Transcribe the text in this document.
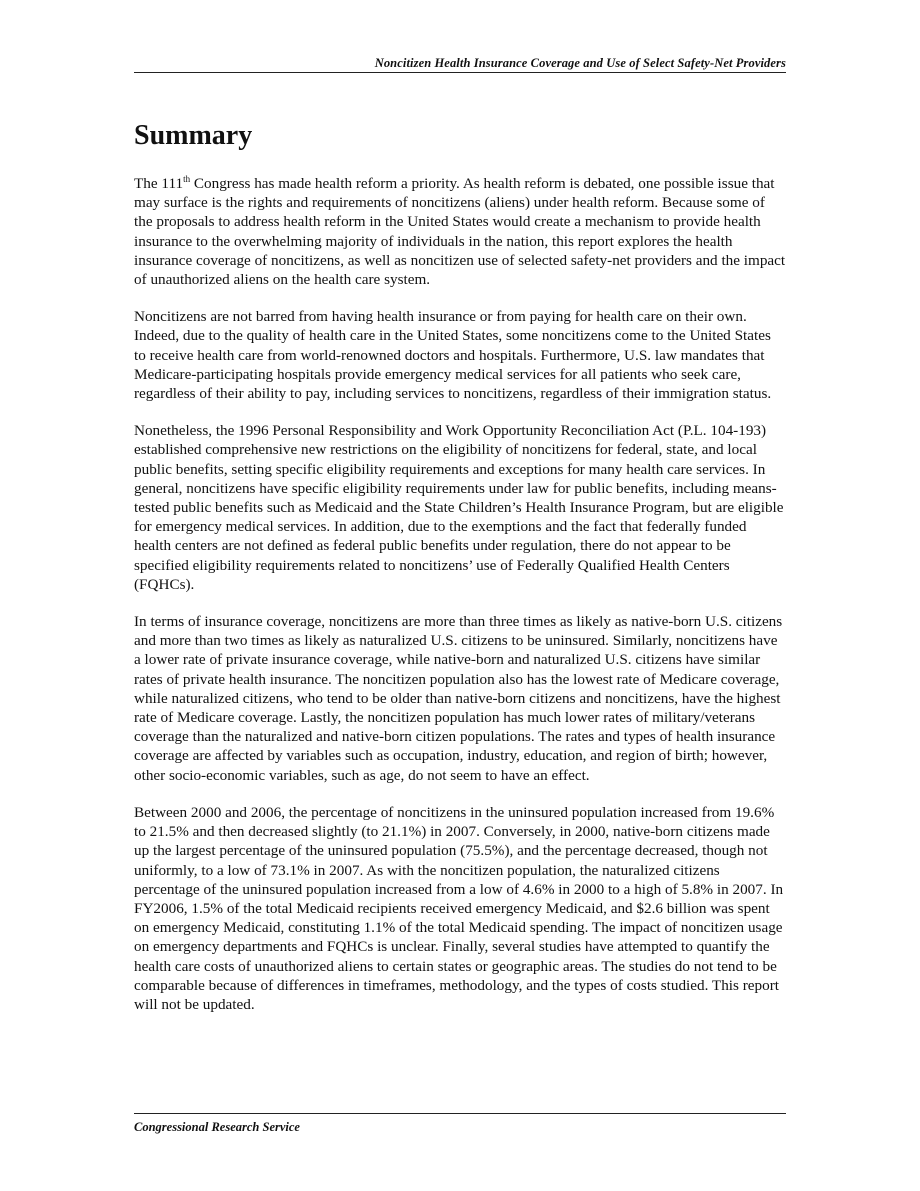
Noncitizen Health Insurance Coverage and Use of Select Safety-Net Providers
Summary

The 111th Congress has made health reform a priority. As health reform is debated, one possible issue that may surface is the rights and requirements of noncitizens (aliens) under health reform. Because some of the proposals to address health reform in the United States would create a mechanism to provide health insurance to the overwhelming majority of individuals in the nation, this report explores the health insurance coverage of noncitizens, as well as noncitizen use of selected safety-net providers and the impact of unauthorized aliens on the health care system.

Noncitizens are not barred from having health insurance or from paying for health care on their own. Indeed, due to the quality of health care in the United States, some noncitizens come to the United States to receive health care from world-renowned doctors and hospitals. Furthermore, U.S. law mandates that Medicare-participating hospitals provide emergency medical services for all patients who seek care, regardless of their ability to pay, including services to noncitizens, regardless of their immigration status.

Nonetheless, the 1996 Personal Responsibility and Work Opportunity Reconciliation Act (P.L. 104-193) established comprehensive new restrictions on the eligibility of noncitizens for federal, state, and local public benefits, setting specific eligibility requirements and exceptions for many health care services. In general, noncitizens have specific eligibility requirements under law for public benefits, including means-tested public benefits such as Medicaid and the State Children’s Health Insurance Program, but are eligible for emergency medical services. In addition, due to the exemptions and the fact that federally funded health centers are not defined as federal public benefits under regulation, there do not appear to be specified eligibility requirements related to noncitizens’ use of Federally Qualified Health Centers (FQHCs).

In terms of insurance coverage, noncitizens are more than three times as likely as native-born U.S. citizens and more than two times as likely as naturalized U.S. citizens to be uninsured. Similarly, noncitizens have a lower rate of private insurance coverage, while native-born and naturalized U.S. citizens have similar rates of private health insurance. The noncitizen population also has the lowest rate of Medicare coverage, while naturalized citizens, who tend to be older than native-born citizens and noncitizens, have the highest rate of Medicare coverage. Lastly, the noncitizen population has much lower rates of military/veterans coverage than the naturalized and native-born citizen populations. The rates and types of health insurance coverage are affected by variables such as occupation, industry, education, and region of birth; however, other socio-economic variables, such as age, do not seem to have an effect.

Between 2000 and 2006, the percentage of noncitizens in the uninsured population increased from 19.6% to 21.5% and then decreased slightly (to 21.1%) in 2007. Conversely, in 2000, native-born citizens made up the largest percentage of the uninsured population (75.5%), and the percentage decreased, though not uniformly, to a low of 73.1% in 2007. As with the noncitizen population, the naturalized citizens percentage of the uninsured population increased from a low of 4.6% in 2000 to a high of 5.8% in 2007. In FY2006, 1.5% of the total Medicaid recipients received emergency Medicaid, and $2.6 billion was spent on emergency Medicaid, constituting 1.1% of the total Medicaid spending. The impact of noncitizen usage on emergency departments and FQHCs is unclear. Finally, several studies have attempted to quantify the health care costs of unauthorized aliens to certain states or geographic areas. The studies do not tend to be comparable because of differences in timeframes, methodology, and the types of costs studied. This report will not be updated.

Congressional Research Service
